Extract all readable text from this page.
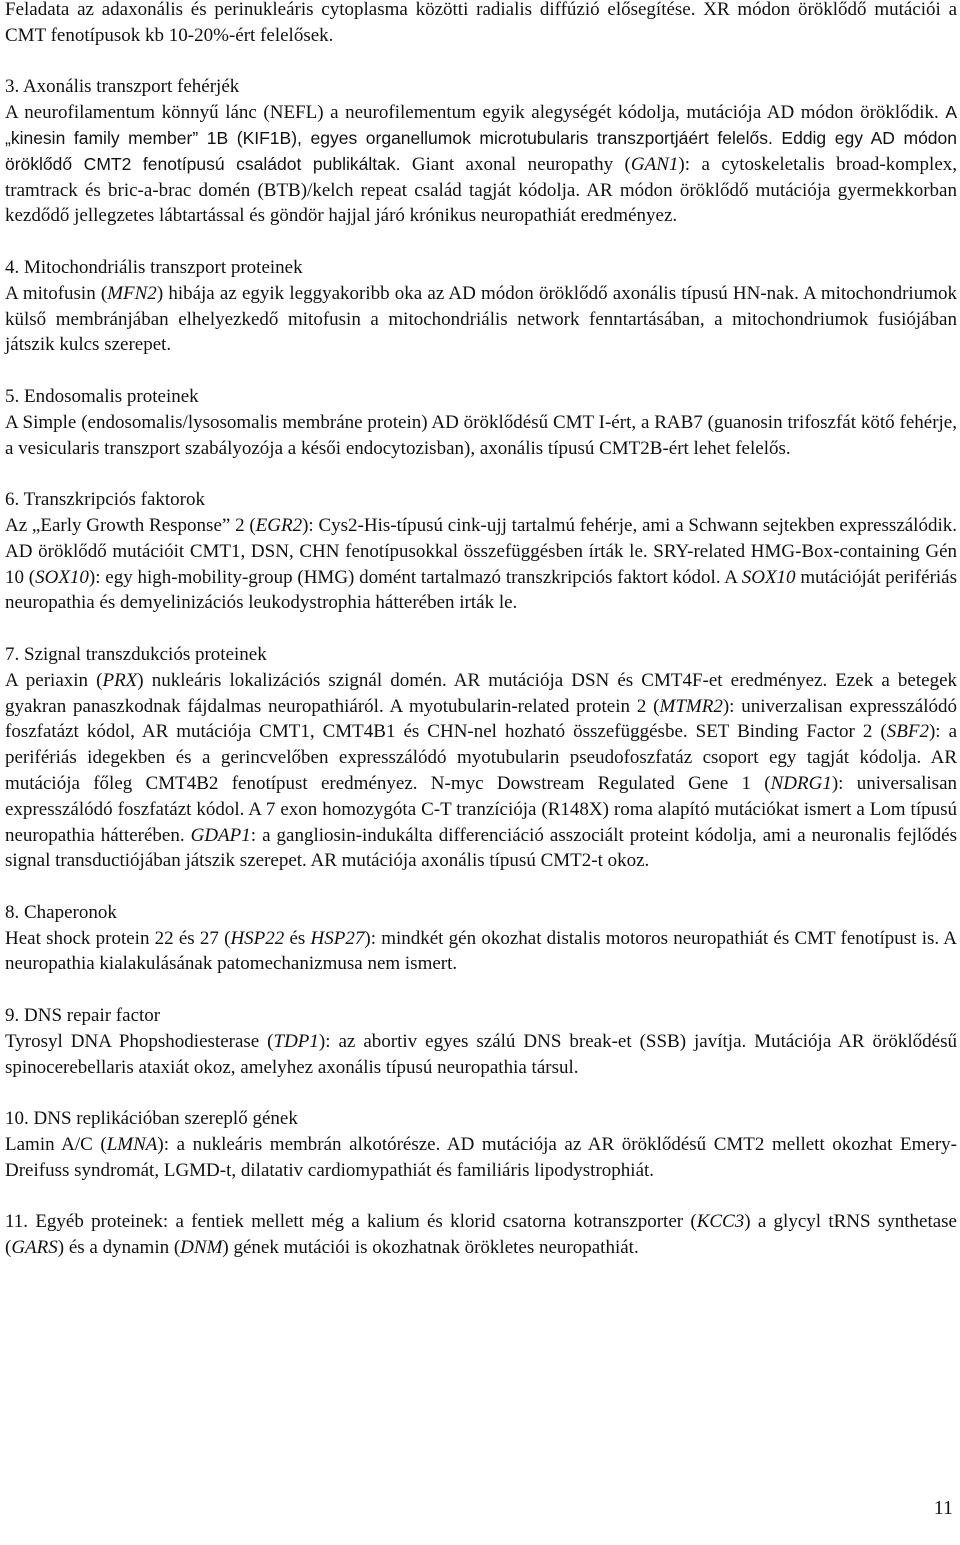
Feladata az adaxonális és perinukleáris cytoplasma közötti radialis diffúzió elősegítése. XR módon öröklődő mutációi a CMT fenotípusok kb 10-20%-ért felelősek.

3. Axonális transzport fehérjék

A neurofilamentum könnyű lánc (NEFL) a neurofilementum egyik alegységét kódolja, mutációja AD módon öröklődik. A „kinesin family member” 1B (KIF1B), egyes organellumok microtubularis transzportjáért felelős. Eddig egy AD módon öröklődő CMT2 fenotípusú családot publikáltak. Giant axonal neuropathy (GAN1): a cytoskeletalis broad-komplex, tramtrack és bric-a-brac domén (BTB)/kelch repeat család tagját kódolja. AR módon öröklődő mutációja gyermekkorban kezdődő jellegzetes lábtartással és göndör hajjal járó krónikus neuropathiát eredményez.

4. Mitochondriális transzport proteinek

A mitofusin (MFN2) hibája az egyik leggyakoribb oka az AD módon öröklődő axonális típusú HN-nak. A mitochondriumok külső membránjában elhelyezkedő mitofusin a mitochondriális network fenntartásában, a mitochondriumok fusiójában játszik kulcs szerepet.

5. Endosomalis proteinek

A Simple (endosomalis/lysosomalis membráne protein) AD öröklődésű CMT I-ért, a RAB7 (guanosin trifoszfát kötő fehérje, a vesicularis transzport szabályozója a késői endocytozisban), axonális típusú CMT2B-ért lehet felelős.

6. Transzkripciós faktorok

Az „Early Growth Response” 2 (EGR2): Cys2-His-típusú cink-ujj tartalmú fehérje, ami a Schwann sejtekben expresszálódik. AD öröklődő mutációit CMT1, DSN, CHN fenotípusokkal összefüggésben írták le. SRY-related HMG-Box-containing Gén 10 (SOX10): egy high-mobility-group (HMG) domént tartalmazó transzkripciós faktort kódol. A SOX10 mutációját perifériás neuropathia és demyelinizációs leukodystrophia hátterében irták le.

7. Szignal transzdukciós proteinek

A periaxin (PRX) nukleáris lokalizációs szignál domén. AR mutációja DSN és CMT4F-et eredményez. Ezek a betegek gyakran panaszkodnak fájdalmas neuropathiáról. A myotubularin-related protein 2 (MTMR2): univerzalisan expresszálódó foszfatázt kódol, AR mutációja CMT1, CMT4B1 és CHN-nel hozható összefüggésbe. SET Binding Factor 2 (SBF2): a perifériás idegekben és a gerincvelőben expresszálódó myotubularin pseudofoszfatáz csoport egy tagját kódolja. AR mutációja főleg CMT4B2 fenotípust eredményez. N-myc Dowstream Regulated Gene 1 (NDRG1): universalisan expresszálódó foszfatázt kódol. A 7 exon homozygóta C-T tranzíciója (R148X) roma alapító mutációkat ismert a Lom típusú neuropathia hátterében. GDAP1: a gangliosin-indukálta differenciáció asszociált proteint kódolja, ami a neuronalis fejlődés signal transductiójában játszik szerepet. AR mutációja axonális típusú CMT2-t okoz.

8. Chaperonok

Heat shock protein 22 és 27 (HSP22 és HSP27): mindkét gén okozhat distalis motoros neuropathiát és CMT fenotípust is. A neuropathia kialakulásának patomechanizmusa nem ismert.

9. DNS repair factor

Tyrosyl DNA Phopshodiesterase (TDP1): az abortiv egyes szálú DNS break-et (SSB) javítja. Mutációja AR öröklődésű spinocerebellaris ataxiát okoz, amelyhez axonális típusú neuropathia társul.

10. DNS replikációban szereplő gének

Lamin A/C (LMNA): a nukleáris membrán alkotórésze. AD mutációja az AR öröklődésű CMT2 mellett okozhat Emery-Dreifuss syndromát, LGMD-t, dilatativ cardiomypathiát és familiáris lipodystrophiát.

11. Egyéb proteinek: a fentiek mellett még a kalium és klorid csatorna kotranszporter (KCC3) a glycyl tRNS synthetase (GARS) és a dynamin (DNM) gének mutációi is okozhatnak örökletes neuropathiát.

11
